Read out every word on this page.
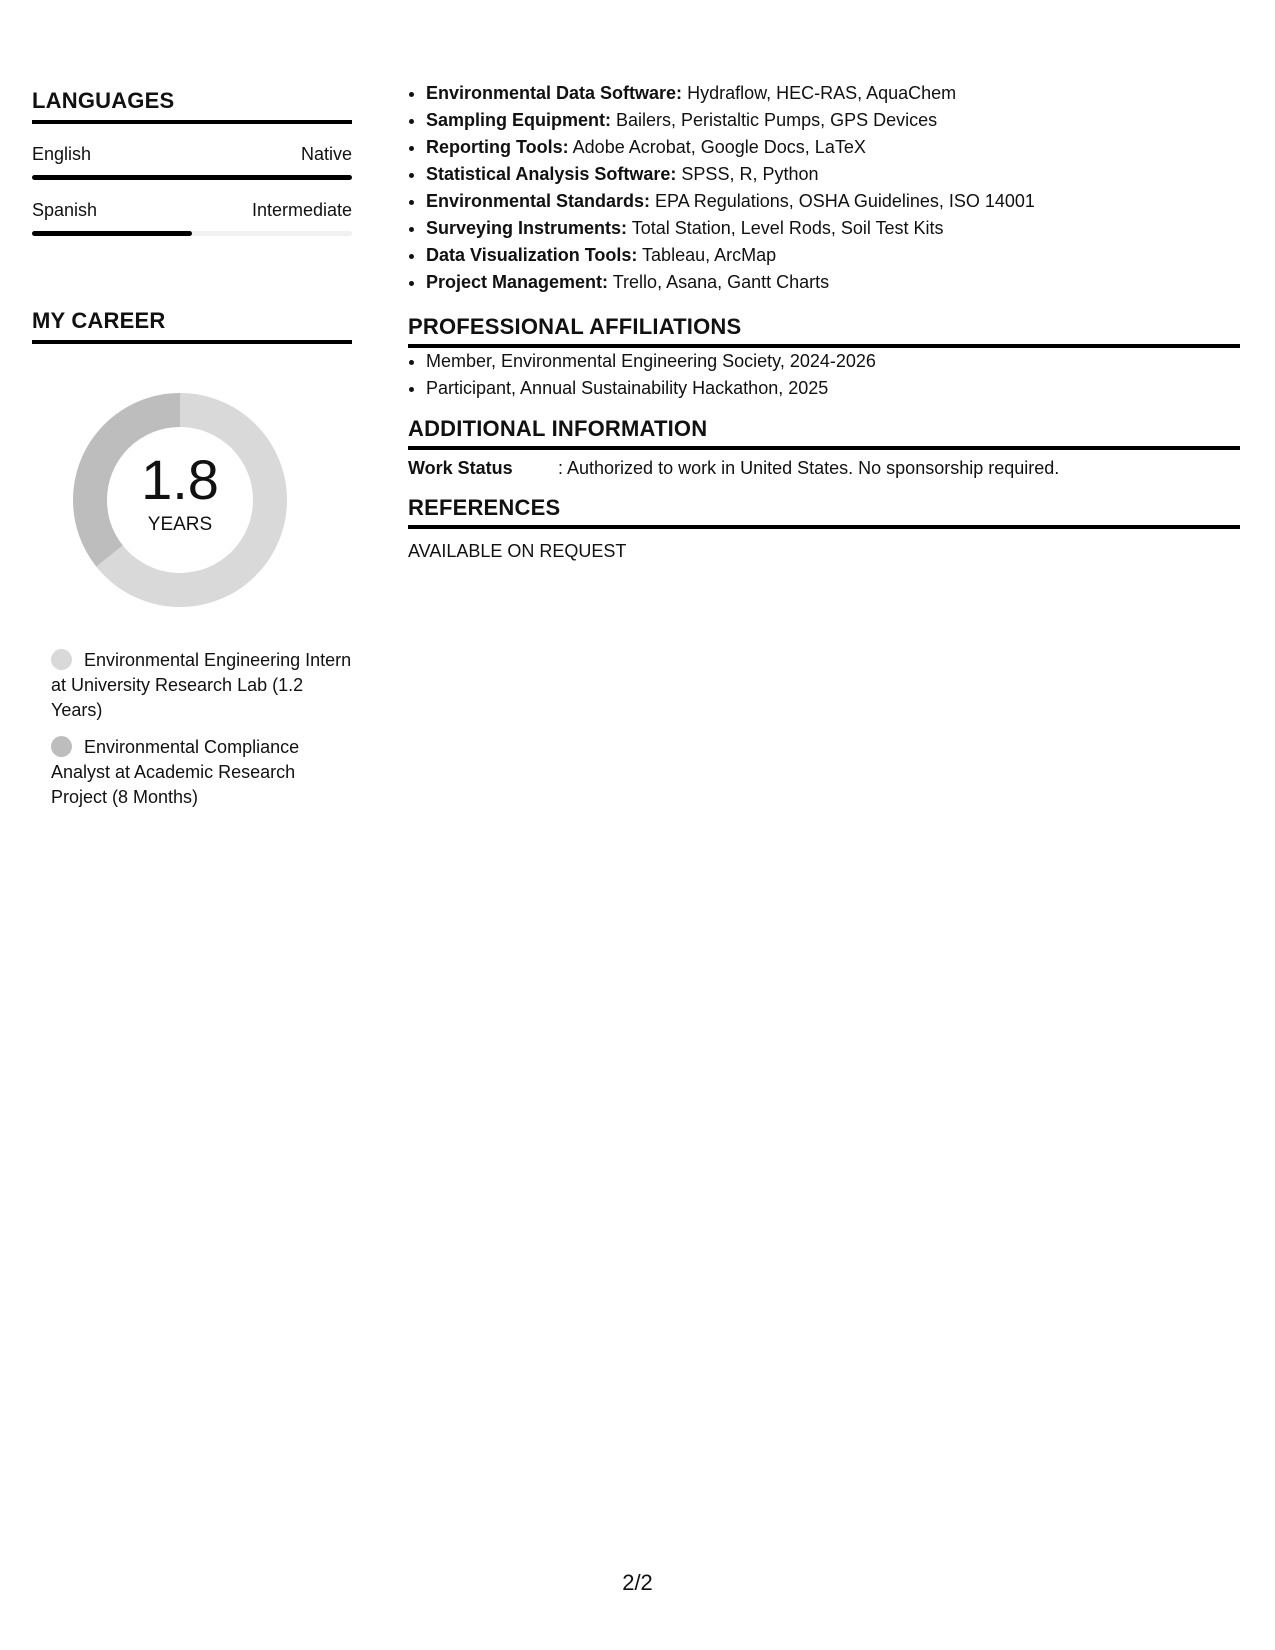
LANGUAGES
English	Native
Spanish	Intermediate
MY CAREER
1.8
YEARS
Environmental Engineering Intern at University Research Lab (1.2 Years)
Environmental Compliance Analyst at Academic Research Project (8 Months)
• Environmental Data Software: Hydraflow, HEC-RAS, AquaChem
• Sampling Equipment: Bailers, Peristaltic Pumps, GPS Devices
• Reporting Tools: Adobe Acrobat, Google Docs, LaTeX
• Statistical Analysis Software: SPSS, R, Python
• Environmental Standards: EPA Regulations, OSHA Guidelines, ISO 14001
• Surveying Instruments: Total Station, Level Rods, Soil Test Kits
• Data Visualization Tools: Tableau, ArcMap
• Project Management: Trello, Asana, Gantt Charts
PROFESSIONAL AFFILIATIONS
• Member, Environmental Engineering Society, 2024-2026
• Participant, Annual Sustainability Hackathon, 2025
ADDITIONAL INFORMATION
Work Status	: Authorized to work in United States. No sponsorship required.
REFERENCES
AVAILABLE ON REQUEST
2/2
